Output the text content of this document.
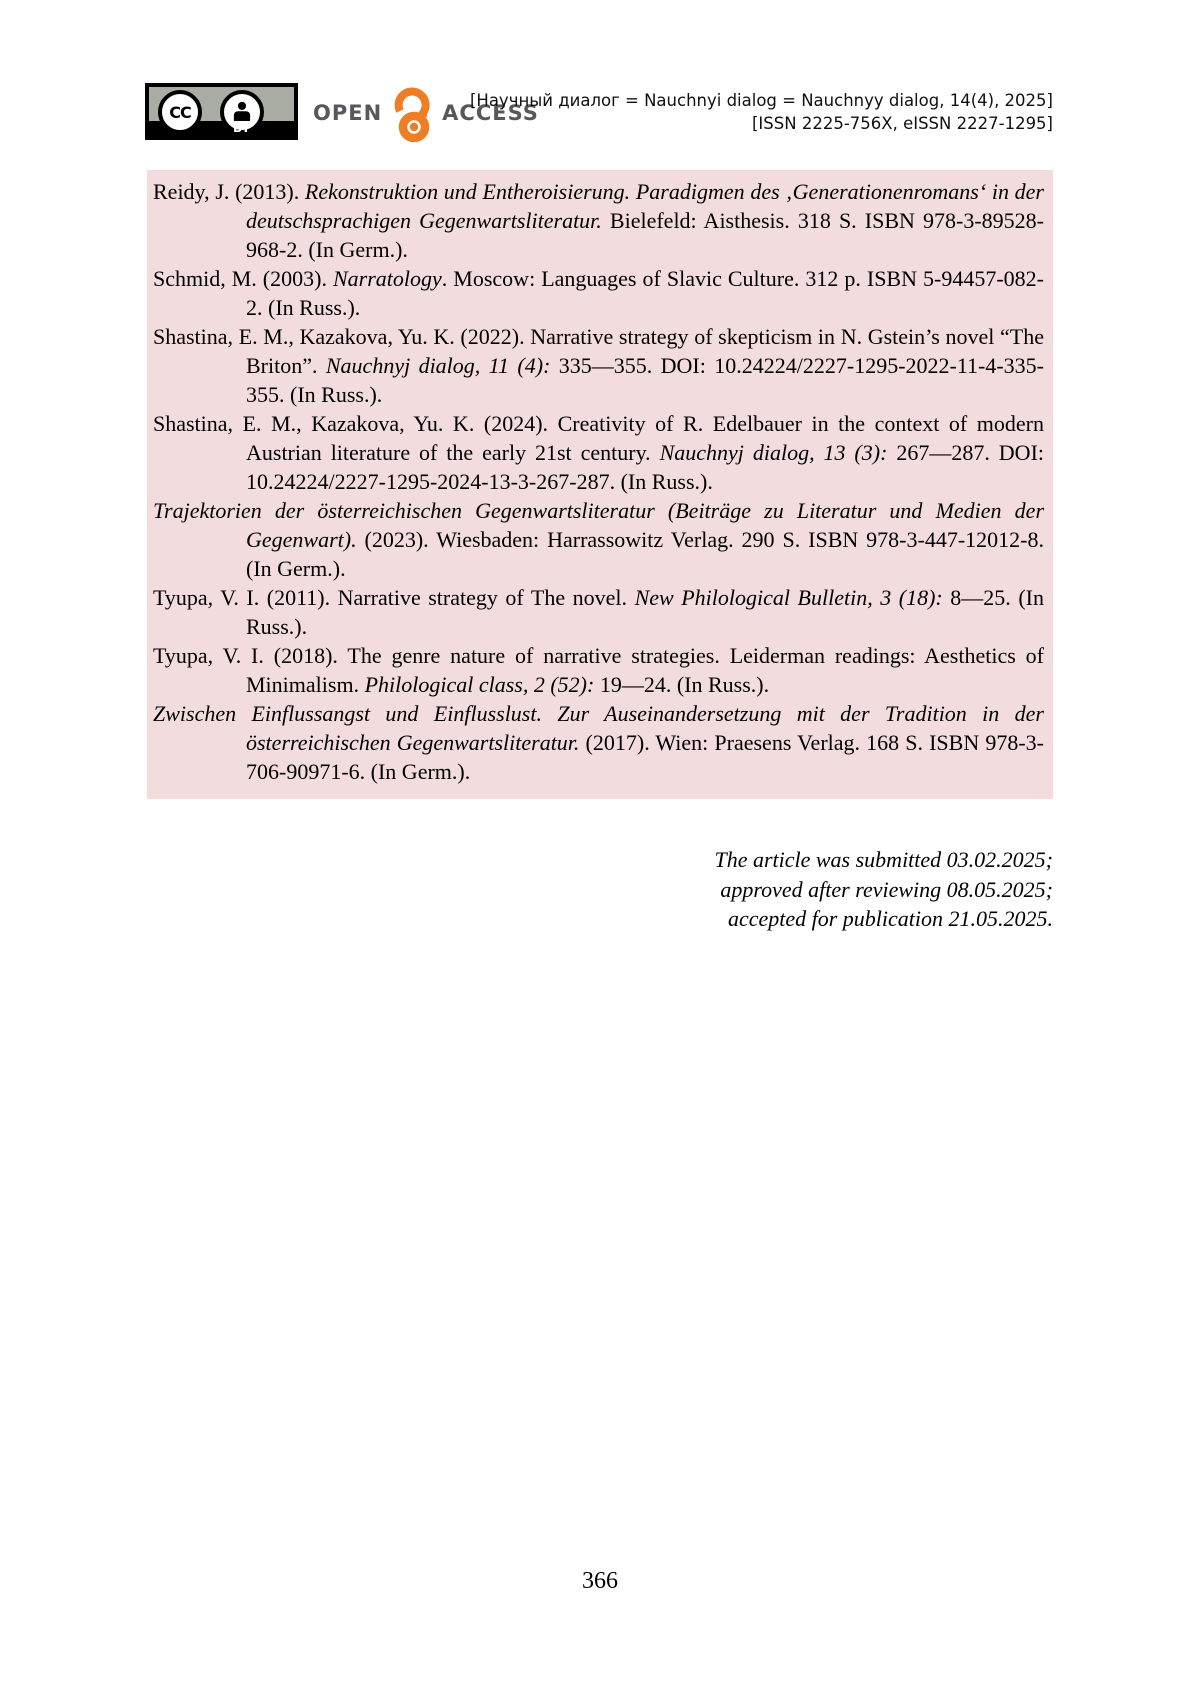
CC
BY
OPEN	ACCESS
[Научный диалог = Nauchnyi dialog = Nauchnyy dialog, 14(4), 2025]
[ISSN 2225-756X, eISSN 2227-1295]

Reidy, J. (2013). Rekonstruktion und Entheroisierung. Paradigmen des ‚Generationenromans‘ in der deutschsprachigen Gegenwartsliteratur. Bielefeld: Aisthesis. 318 S. ISBN 978-3-89528-968-2. (In Germ.).

Schmid, M. (2003). Narratology. Moscow: Languages of Slavic Culture. 312 p. ISBN 5-94457-082-2. (In Russ.).

Shastina, E. M., Kazakova, Yu. K. (2022). Narrative strategy of skepticism in N. Gstein’s novel “The Briton”. Nauchnyj dialog, 11 (4): 335—355. DOI: 10.24224/2227-1295-2022-11-4-335-355. (In Russ.).

Shastina, E. M., Kazakova, Yu. K. (2024). Creativity of R. Edelbauer in the context of modern Austrian literature of the early 21st century. Nauchnyj dialog, 13 (3): 267—287. DOI: 10.24224/2227-1295-2024-13-3-267-287. (In Russ.).

Trajektorien der österreichischen Gegenwartsliteratur (Beiträge zu Literatur und Medien der Gegenwart). (2023). Wiesbaden: Harrassowitz Verlag. 290 S. ISBN 978-3-447-12012-8. (In Germ.).

Tyupa, V. I. (2011). Narrative strategy of The novel. New Philological Bulletin, 3 (18): 8—25. (In Russ.).

Tyupa, V. I. (2018). The genre nature of narrative strategies. Leiderman readings: Aesthetics of Minimalism. Philological class, 2 (52): 19—24. (In Russ.).

Zwischen Einflussangst und Einflusslust. Zur Auseinandersetzung mit der Tradition in der österreichischen Gegenwartsliteratur. (2017). Wien: Praesens Verlag. 168 S. ISBN 978-3-706-90971-6. (In Germ.).

The article was submitted 03.02.2025;
approved after reviewing 08.05.2025;
accepted for publication 21.05.2025.
366
